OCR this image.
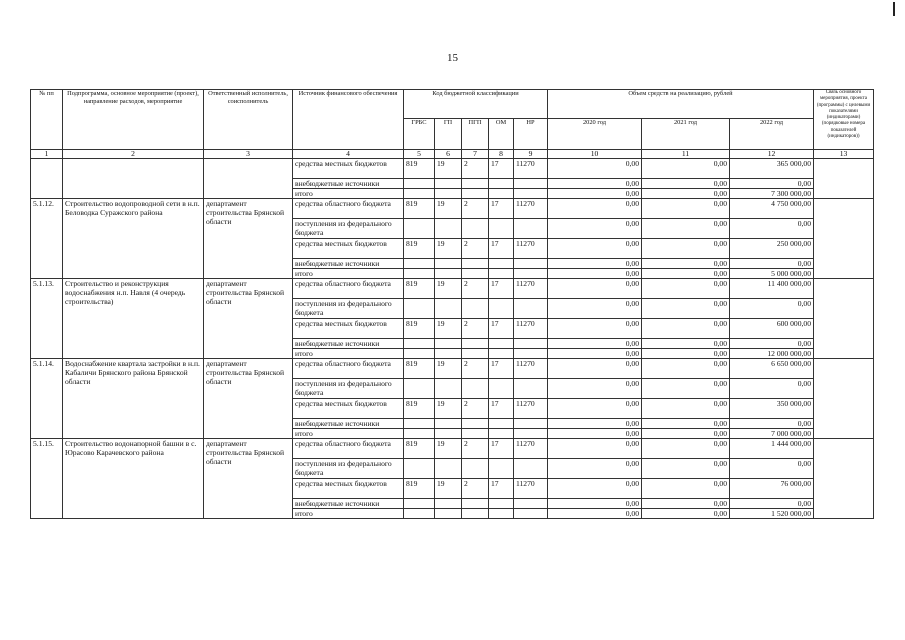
15
№ пп	Подпрограмма, основное мероприятие (проект), направление расходов, мероприятие	Ответственный исполнитель, соисполнитель	Источник финансового обеспечения	Код бюджетной классификации					Объем средств на реализацию, рублей			Связь основного мероприятия, проекта (программы) с целевыми показателями (индикаторами) (порядковые номера показателей (индикаторов))
				ГРБС	ГП	ПГП	ОМ	НР	2020 год	2021 год	2022 год	
1	2	3	4	5	6	7	8	9	10	11	12	13
			средства местных бюджетов	819	19	2	17	11270	0,00	0,00	365 000,00	
			внебюджетные источники						0,00	0,00	0,00	
			итого						0,00	0,00	7 300 000,00	
5.1.12.	Строительство водопроводной сети в н.п. Беловодка Суражского района	департамент строительства Брянской области	средства областного бюджета	819	19	2	17	11270	0,00	0,00	4 750 000,00	
			поступления из федерального бюджета						0,00	0,00	0,00	
			средства местных бюджетов	819	19	2	17	11270	0,00	0,00	250 000,00	
			внебюджетные источники						0,00	0,00	0,00	
			итого						0,00	0,00	5 000 000,00	
5.1.13.	Строительство и реконструкция водоснабжения н.п. Навля (4 очередь строительства)	департамент строительства Брянской области	средства областного бюджета	819	19	2	17	11270	0,00	0,00	11 400 000,00	
			поступления из федерального бюджета						0,00	0,00	0,00	
			средства местных бюджетов	819	19	2	17	11270	0,00	0,00	600 000,00	
			внебюджетные источники						0,00	0,00	0,00	
			итого						0,00	0,00	12 000 000,00	
5.1.14.	Водоснабжение квартала застройки в н.п. Кабаличи Брянского района Брянской области	департамент строительства Брянской области	средства областного бюджета	819	19	2	17	11270	0,00	0,00	6 650 000,00	
			поступления из федерального бюджета						0,00	0,00	0,00	
			средства местных бюджетов	819	19	2	17	11270	0,00	0,00	350 000,00	
			внебюджетные источники						0,00	0,00	0,00	
			итого						0,00	0,00	7 000 000,00	
5.1.15.	Строительство водонапорной башни в с. Юрасово Карачевского района	департамент строительства Брянской области	средства областного бюджета	819	19	2	17	11270	0,00	0,00	1 444 000,00	
			поступления из федерального бюджета						0,00	0,00	0,00	
			средства местных бюджетов	819	19	2	17	11270	0,00	0,00	76 000,00	
			внебюджетные источники						0,00	0,00	0,00	
			итого						0,00	0,00	1 520 000,00	
